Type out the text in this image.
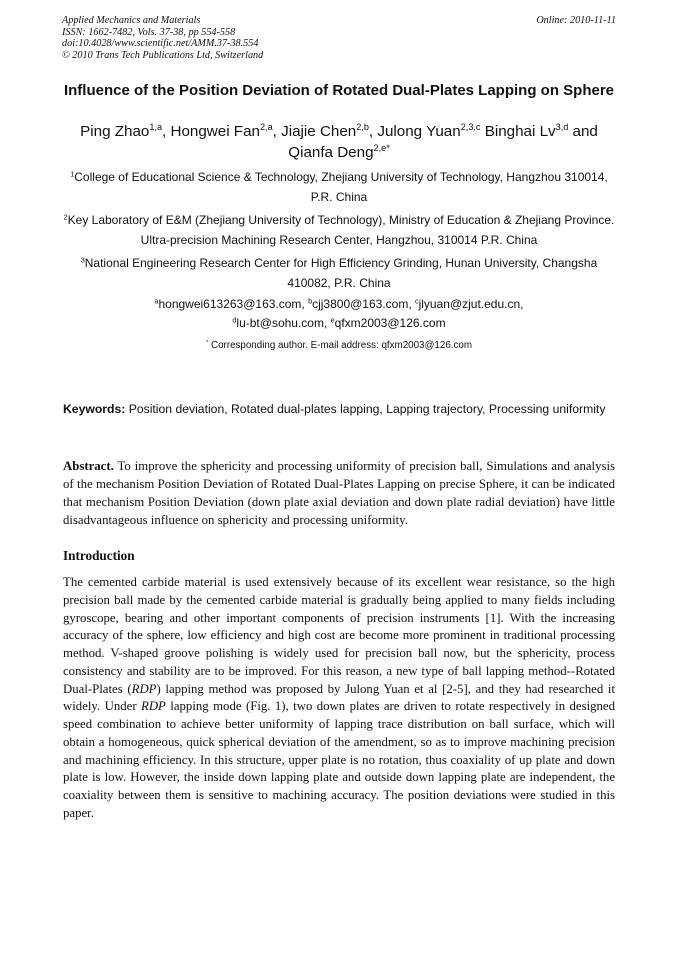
Applied Mechanics and Materials
ISSN: 1662-7482, Vols. 37-38, pp 554-558
doi:10.4028/www.scientific.net/AMM.37-38.554
© 2010 Trans Tech Publications Ltd, Switzerland
Online: 2010-11-11
Influence of the Position Deviation of Rotated Dual-Plates Lapping on Sphere
Ping Zhao$^{1,a}$, Hongwei Fan$^{2,a}$, Jiajie Chen$^{2,b}$, Julong Yuan$^{2,3,c}$ Binghai Lv$^{3,d}$ and
Qianfa Deng$^{2,e*}$
$^1$College of Educational Science & Technology, Zhejiang University of Technology, Hangzhou 310014, P.R. China
$^2$Key Laboratory of E&M (Zhejiang University of Technology), Ministry of Education & Zhejiang Province. Ultra-precision Machining Research Center, Hangzhou, 310014 P.R. China
$^3$National Engineering Research Center for High Efficiency Grinding, Hunan University, Changsha 410082, P.R. China
$^a$hongwei613263@163.com, $^b$cjj3800@163.com, $^c$jlyuan@zjut.edu.cn,
$^d$lu-bt@sohu.com, $^e$qfxm2003@126.com
* Corresponding author. E-mail address: qfxm2003@126.com
Keywords: Position deviation, Rotated dual-plates lapping, Lapping trajectory, Processing uniformity
Abstract. To improve the sphericity and processing uniformity of precision ball, Simulations and analysis of the mechanism Position Deviation of Rotated Dual-Plates Lapping on precise Sphere, it can be indicated that mechanism Position Deviation (down plate axial deviation and down plate radial deviation) have little disadvantageous influence on sphericity and processing uniformity.
Introduction
The cemented carbide material is used extensively because of its excellent wear resistance, so the high precision ball made by the cemented carbide material is gradually being applied to many fields including gyroscope, bearing and other important components of precision instruments [1]. With the increasing accuracy of the sphere, low efficiency and high cost are become more prominent in traditional processing method. V-shaped groove polishing is widely used for precision ball now, but the sphericity, process consistency and stability are to be improved. For this reason, a new type of ball lapping method--Rotated Dual-Plates (RDP) lapping method was proposed by Julong Yuan et al [2-5], and they had researched it widely. Under RDP lapping mode (Fig. 1), two down plates are driven to rotate respectively in designed speed combination to achieve better uniformity of lapping trace distribution on ball surface, which will obtain a homogeneous, quick spherical deviation of the amendment, so as to improve machining precision and machining efficiency. In this structure, upper plate is no rotation, thus coaxiality of up plate and down plate is low. However, the inside down lapping plate and outside down lapping plate are independent, the coaxiality between them is sensitive to machining accuracy. The position deviations were studied in this paper.
